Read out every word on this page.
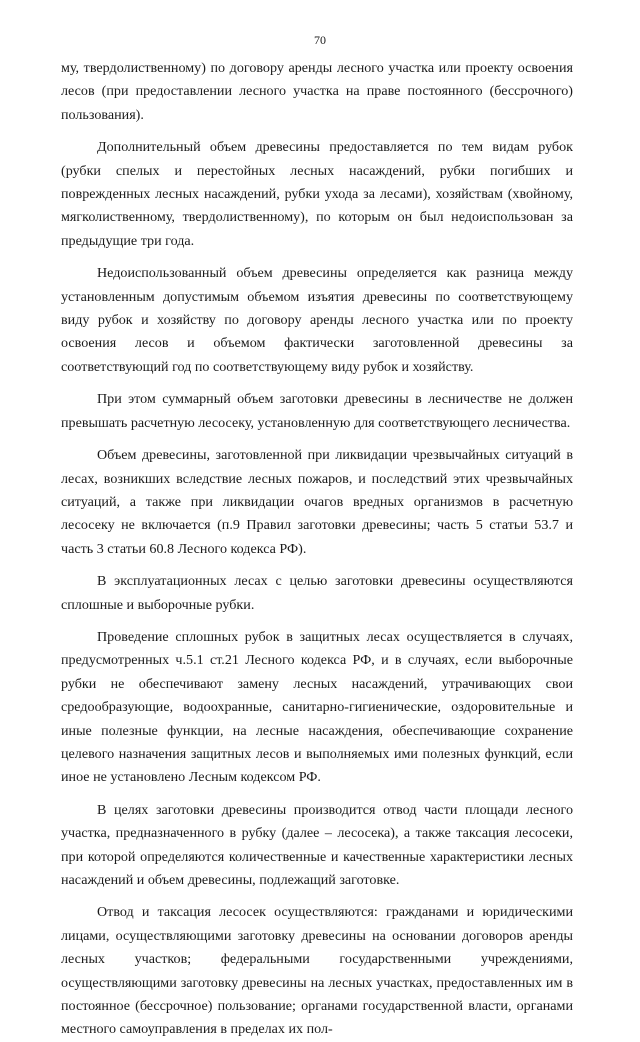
70

му, твердолиственному) по договору аренды лесного участка или проекту освоения лесов (при предоставлении лесного участка на праве постоянного (бессрочного) пользования).

Дополнительный объем древесины предоставляется по тем видам рубок (рубки спелых и перестойных лесных насаждений, рубки погибших и поврежденных лесных насаждений, рубки ухода за лесами), хозяйствам (хвойному, мягколиственному, твердолиственному), по которым он был недоиспользован за предыдущие три года.

Недоиспользованный объем древесины определяется как разница между установленным допустимым объемом изъятия древесины по соответствующему виду рубок и хозяйству по договору аренды лесного участка или по проекту освоения лесов и объемом фактически заготовленной древесины за соответствующий год по соответствующему виду рубок и хозяйству.

При этом суммарный объем заготовки древесины в лесничестве не должен превышать расчетную лесосеку, установленную для соответствующего лесничества.

Объем древесины, заготовленной при ликвидации чрезвычайных ситуаций в лесах, возникших вследствие лесных пожаров, и последствий этих чрезвычайных ситуаций, а также при ликвидации очагов вредных организмов в расчетную лесосеку не включается (п.9 Правил заготовки древесины; часть 5 статьи 53.7 и часть 3 статьи 60.8 Лесного кодекса РФ).

В эксплуатационных лесах с целью заготовки древесины осуществляются сплошные и выборочные рубки.

Проведение сплошных рубок в защитных лесах осуществляется в случаях, предусмотренных ч.5.1 ст.21 Лесного кодекса РФ, и в случаях, если выборочные рубки не обеспечивают замену лесных насаждений, утрачивающих свои средообразующие, водоохранные, санитарно-гигиенические, оздоровительные и иные полезные функции, на лесные насаждения, обеспечивающие сохранение целевого назначения защитных лесов и выполняемых ими полезных функций, если иное не установлено Лесным кодексом РФ.

В целях заготовки древесины производится отвод части площади лесного участка, предназначенного в рубку (далее – лесосека), а также таксация лесосеки, при которой определяются количественные и качественные характеристики лесных насаждений и объем древесины, подлежащий заготовке.

Отвод и таксация лесосек осуществляются: гражданами и юридическими лицами, осуществляющими заготовку древесины на основании договоров аренды лесных участков; федеральными государственными учреждениями, осуществляющими заготовку древесины на лесных участках, предоставленных им в постоянное (бессрочное) пользование; органами государственной власти, органами местного самоуправления в пределах их пол-
